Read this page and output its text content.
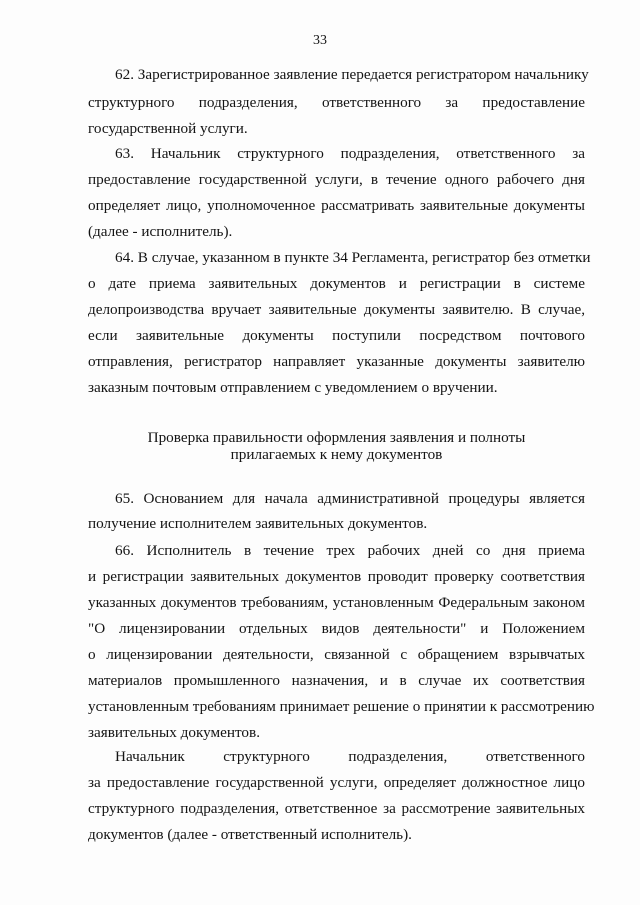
33
62. Зарегистрированное заявление передается регистратором начальнику
структурного подразделения, ответственного за предоставление
государственной услуги.
63. Начальник структурного подразделения, ответственного за
предоставление государственной услуги, в течение одного рабочего дня
определяет лицо, уполномоченное рассматривать заявительные документы
(далее - исполнитель).
64. В случае, указанном в пункте 34 Регламента, регистратор без отметки
о дате приема заявительных документов и регистрации в системе
делопроизводства вручает заявительные документы заявителю. В случае,
если заявительные документы поступили посредством почтового
отправления, регистратор направляет указанные документы заявителю
заказным почтовым отправлением с уведомлением о вручении.
Проверка правильности оформления заявления и полноты
прилагаемых к нему документов
65. Основанием для начала административной процедуры является
получение исполнителем заявительных документов.
66. Исполнитель в течение трех рабочих дней со дня приема
и регистрации заявительных документов проводит проверку соответствия
указанных документов требованиям, установленным Федеральным законом
"О лицензировании отдельных видов деятельности" и Положением
о лицензировании деятельности, связанной с обращением взрывчатых
материалов промышленного назначения, и в случае их соответствия
установленным требованиям принимает решение о принятии к рассмотрению
заявительных документов.
Начальник структурного подразделения, ответственного
за предоставление государственной услуги, определяет должностное лицо
структурного подразделения, ответственное за рассмотрение заявительных
документов (далее - ответственный исполнитель).
